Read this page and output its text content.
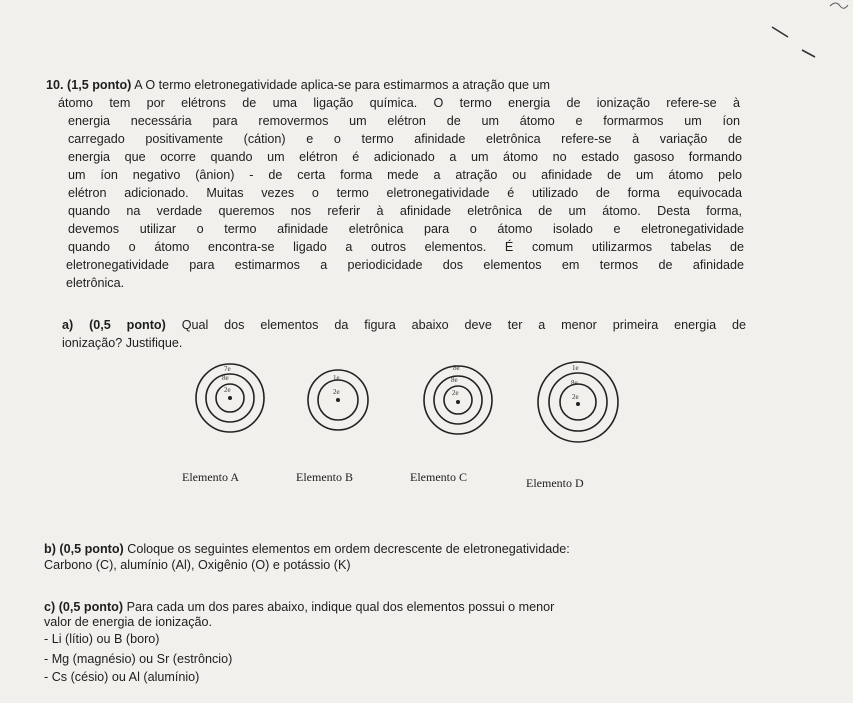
10. (1,5 ponto) A O termo eletronegatividade aplica-se para estimarmos a atração que um
átomo tem por elétrons de uma ligação química. O termo energia de ionização refere-se à
energia necessária para removermos um elétron de um átomo e formarmos um íon
carregado positivamente (cátion) e o termo afinidade eletrônica refere-se à variação de
energia que ocorre quando um elétron é adicionado a um átomo no estado gasoso formando
um íon negativo (ânion) - de certa forma mede a atração ou afinidade de um átomo pelo
elétron adicionado. Muitas vezes o termo eletronegatividade é utilizado de forma equivocada
quando na verdade queremos nos referir à afinidade eletrônica de um átomo. Desta forma,
devemos utilizar o termo afinidade eletrônica para o átomo isolado e eletronegatividade
quando o átomo encontra-se ligado a outros elementos. É comum utilizarmos tabelas de
eletronegatividade para estimarmos a periodicidade dos elementos em termos de afinidade
eletrônica.
a) (0,5 ponto) Qual dos elementos da figura abaixo deve ter a menor primeira energia de
ionização? Justifique.
2e
8e
7e
2e
1e
2e
8e
8e
2e
8e
1e
Elemento A	Elemento B	Elemento C	Elemento D
b) (0,5 ponto) Coloque os seguintes elementos em ordem decrescente de eletronegatividade:
Carbono (C), alumínio (Al), Oxigênio (O) e potássio (K)
c) (0,5 ponto) Para cada um dos pares abaixo, indique qual dos elementos possui o menor
valor de energia de ionização.
- Li (lítio) ou B (boro)
- Mg (magnésio) ou Sr (estrôncio)
- Cs (césio) ou Al (alumínio)
